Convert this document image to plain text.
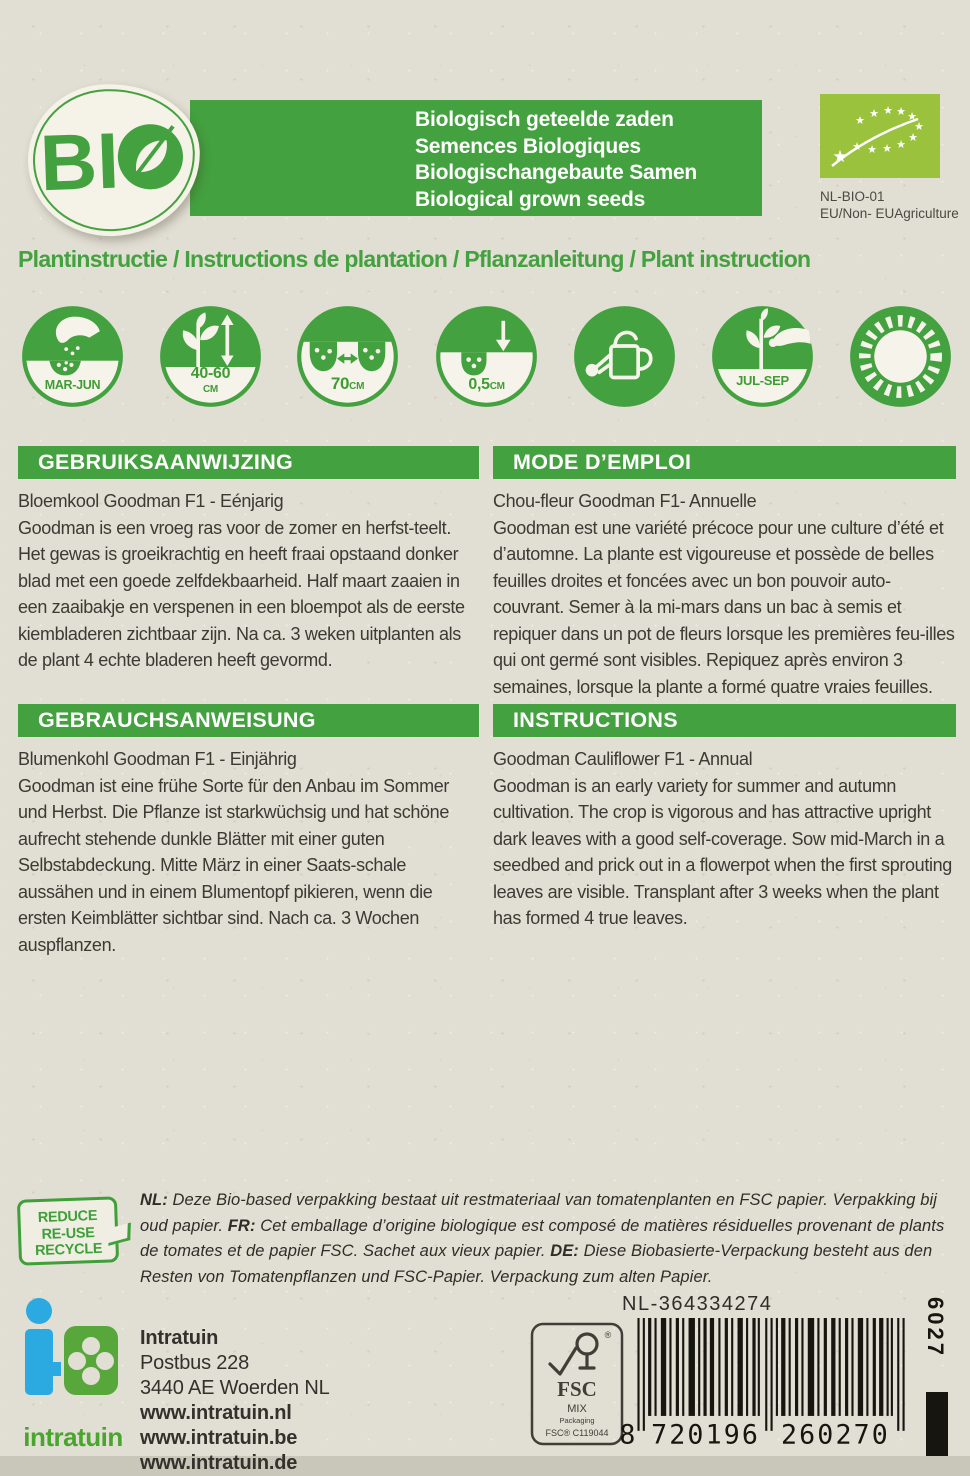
Biologisch geteelde zaden
Semences Biologiques
Biologischangebaute Samen
Biological grown seeds
BI	★
★ ★ ★ ★
★
★
★
★
★
★
★
NL-BIO-01
EU/Non- EUAgriculture
Plantinstructie / Instructions de plantation / Pflanzanleitung / Plant instruction
MAR-JUN
40-60
CM	70CM	0,5CM	JUL-SEP
GEBRUIKSAANWIJZING	MODE D’EMPLOI
Bloemkool Goodman F1 - Eénjarig
Goodman is een vroeg ras voor de zomer en herfst-teelt. Het gewas is groeikrachtig en heeft fraai opstaand donker blad met een goede zelfdekbaarheid. Half maart zaaien in een zaaibakje en verspenen in een bloempot als de eerste kiembladeren zichtbaar zijn. Na ca. 3 weken uitplanten als de plant 4 echte bladeren heeft gevormd.
Chou-fleur Goodman F1- Annuelle
Goodman est une variété précoce pour une culture d’été et d’automne. La plante est vigoureuse et possède de belles feuilles droites et foncées avec un bon pouvoir auto-couvrant. Semer à la mi-mars dans un bac à semis et repiquer dans un pot de fleurs lorsque les premières feu-illes qui ont germé sont visibles. Repiquez après environ 3 semaines, lorsque la plante a formé quatre vraies feuilles.
GEBRAUCHSANWEISUNG	INSTRUCTIONS
Blumenkohl Goodman F1 - Einjährig
Goodman ist eine frühe Sorte für den Anbau im Sommer und Herbst. Die Pflanze ist starkwüchsig und hat schöne aufrecht stehende dunkle Blätter mit einer guten Selbstabdeckung. Mitte März in einer Saats-schale aussähen und in einem Blumentopf pikieren, wenn die ersten Keimblätter sichtbar sind. Nach ca. 3 Wochen auspflanzen.
Goodman Cauliflower F1 - Annual
Goodman is an early variety for summer and autumn cultivation. The crop is vigorous and has attractive upright dark leaves with a good self-coverage. Sow mid-March in a seedbed and prick out in a flowerpot when the first sprouting leaves are visible. Transplant after 3 weeks when the plant has formed 4 true leaves.
REDUCE
RE-USE
RECYCLE
NL: Deze Bio-based verpakking bestaat uit restmateriaal van tomatenplanten en FSC papier. Verpakking bij oud papier. FR: Cet emballage d’origine biologique est composé de matières résiduelles provenant de plants de tomates et de papier FSC. Sachet aux vieux papier. DE: Diese Biobasierte-Verpackung besteht aus den Resten von Tomatenpflanzen und FSC-Papier. Verpackung zum alten Papier.
intratuin
Intratuin
Postbus 228
3440 AE Woerden NL
www.intratuin.nl
www.intratuin.be
www.intratuin.de
NL-364334274
®
FSC
MIX
Packaging
FSC® C119044 8 720196 260270
6027
